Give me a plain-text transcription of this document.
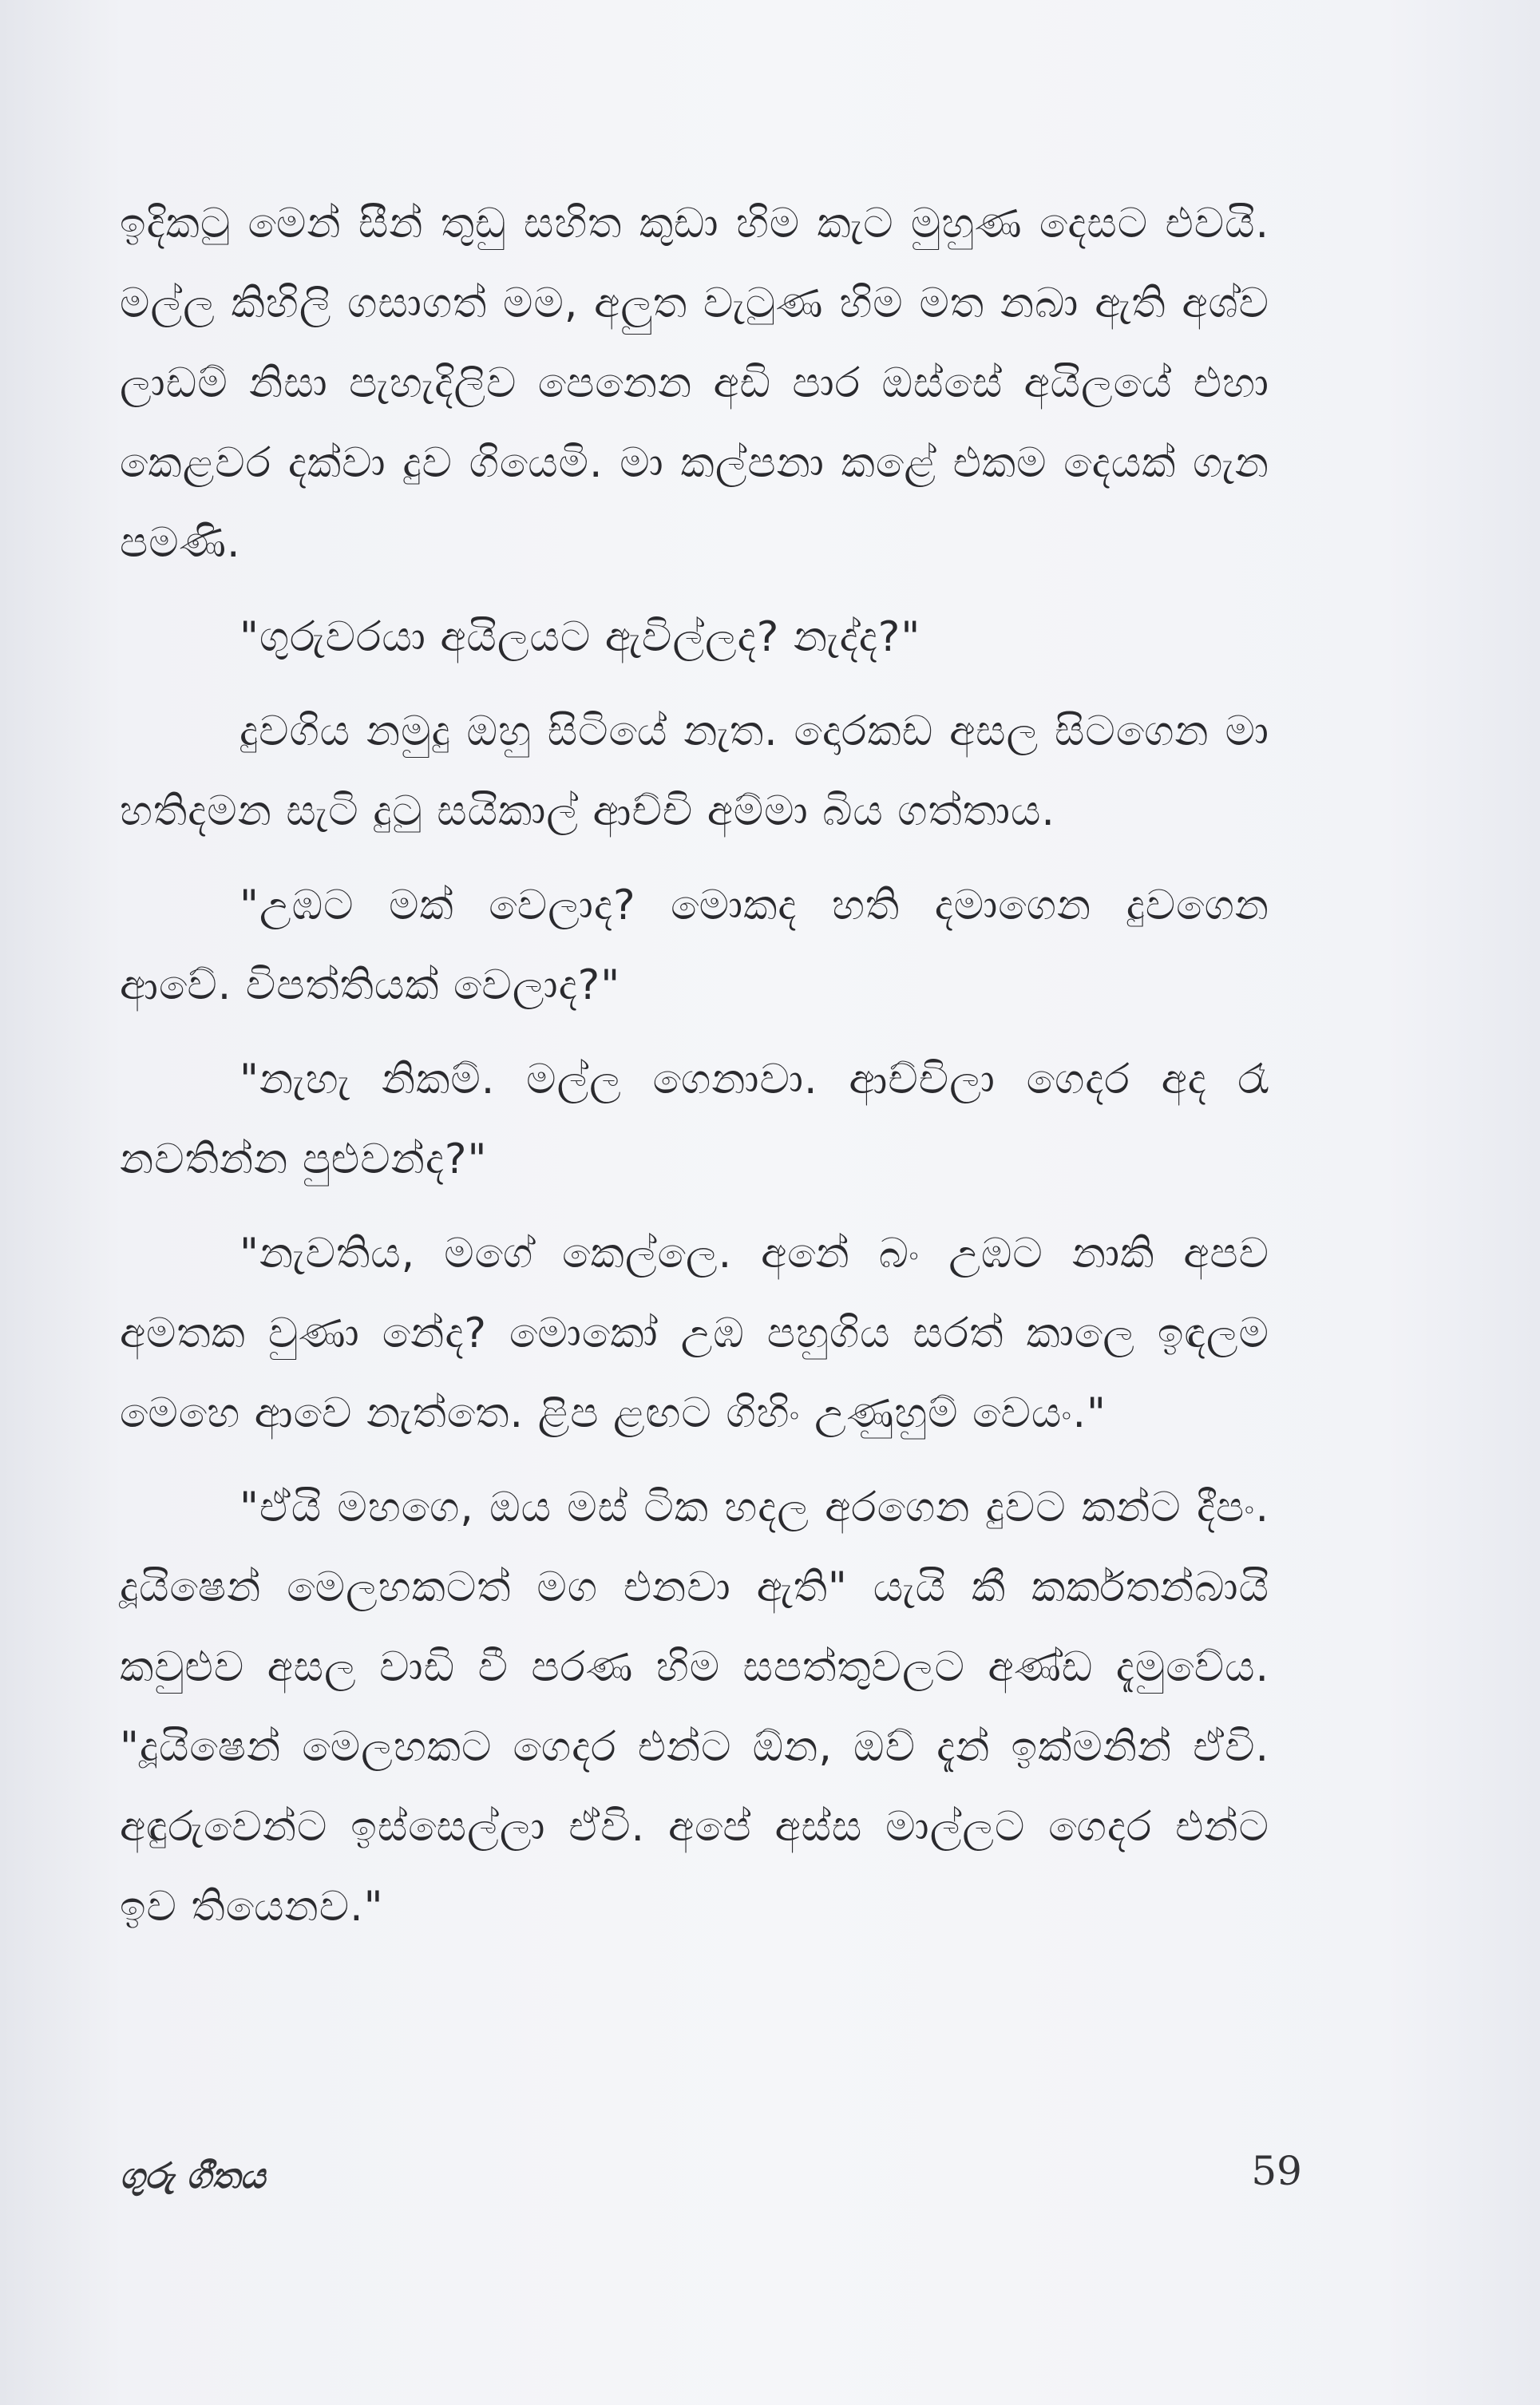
ඉදිකටු මෙන් සීන් තුඩු සහිත කුඩා හිම කැට මුහුණ දෙසට එවයි. මල්ල කිහිලි ගසාගත් මම, අලුත වැටුණ හිම මත නබා ඇති අශ්ව ලාඩම් නිසා පැහැදිලිව පෙනෙන අඩි පාර ඔස්සේ අයිලයේ එහා කෙළවර දක්වා දුව ගියෙමි. මා කල්පනා කළේ එකම දෙයක් ගැන පමණි.

"ගුරුවරයා අයිලයට ඇවිල්ලද? නැද්ද?"

දුවගිය නමුදු ඔහු සිටියේ නැත. දොරකඩ අසල සිටගෙන මා හතිදමන සැටි දුටු සයිකාල් ආච්චි අම්මා බිය ගත්තාය.

"උඹට මක් වෙලාද? මොකද හති දමාගෙන දුවගෙන ආවේ. විපත්තියක් වෙලාද?"

"නැහැ නිකම්. මල්ල ගෙනාවා. ආච්චිලා ගෙදර අද රෑ නවතින්න පුළුවන්ද?"

"නැවතිය, මගේ කෙල්ලෙ. අනේ බං උඹට නාකි අපව අමතක වුණා නේද? මොකෝ උඹ පහුගිය සරත් කාලෙ ඉඳලම මෙහෙ ආවෙ නැත්තෙ. ළිප ළඟට ගිහිං උණුහුම් වෙයං."

"ඒයි මහගෙ, ඔය මස් ටික හදල අරගෙන දුවට කන්ට දීපං. දූයිෂෙන් මෙලහකටත් මග එනවා ඇති" යැයි කී කර්කතන්බායි කවුළුව අසල වාඩි වී පරණ හිම සපත්තුවලට අණ්ඩ දැමුවේය. "දූයිෂෙන් මෙලහකට ගෙදර එන්ට ඕන, ඔව් දැන් ඉක්මනින් ඒවි. අඳුරුවෙන්ට ඉස්සෙල්ලා ඒවි. අපේ අස්ස මාල්ලට ගෙදර එන්ට ඉව තියෙනව."

ගුරු ගීතය	59
